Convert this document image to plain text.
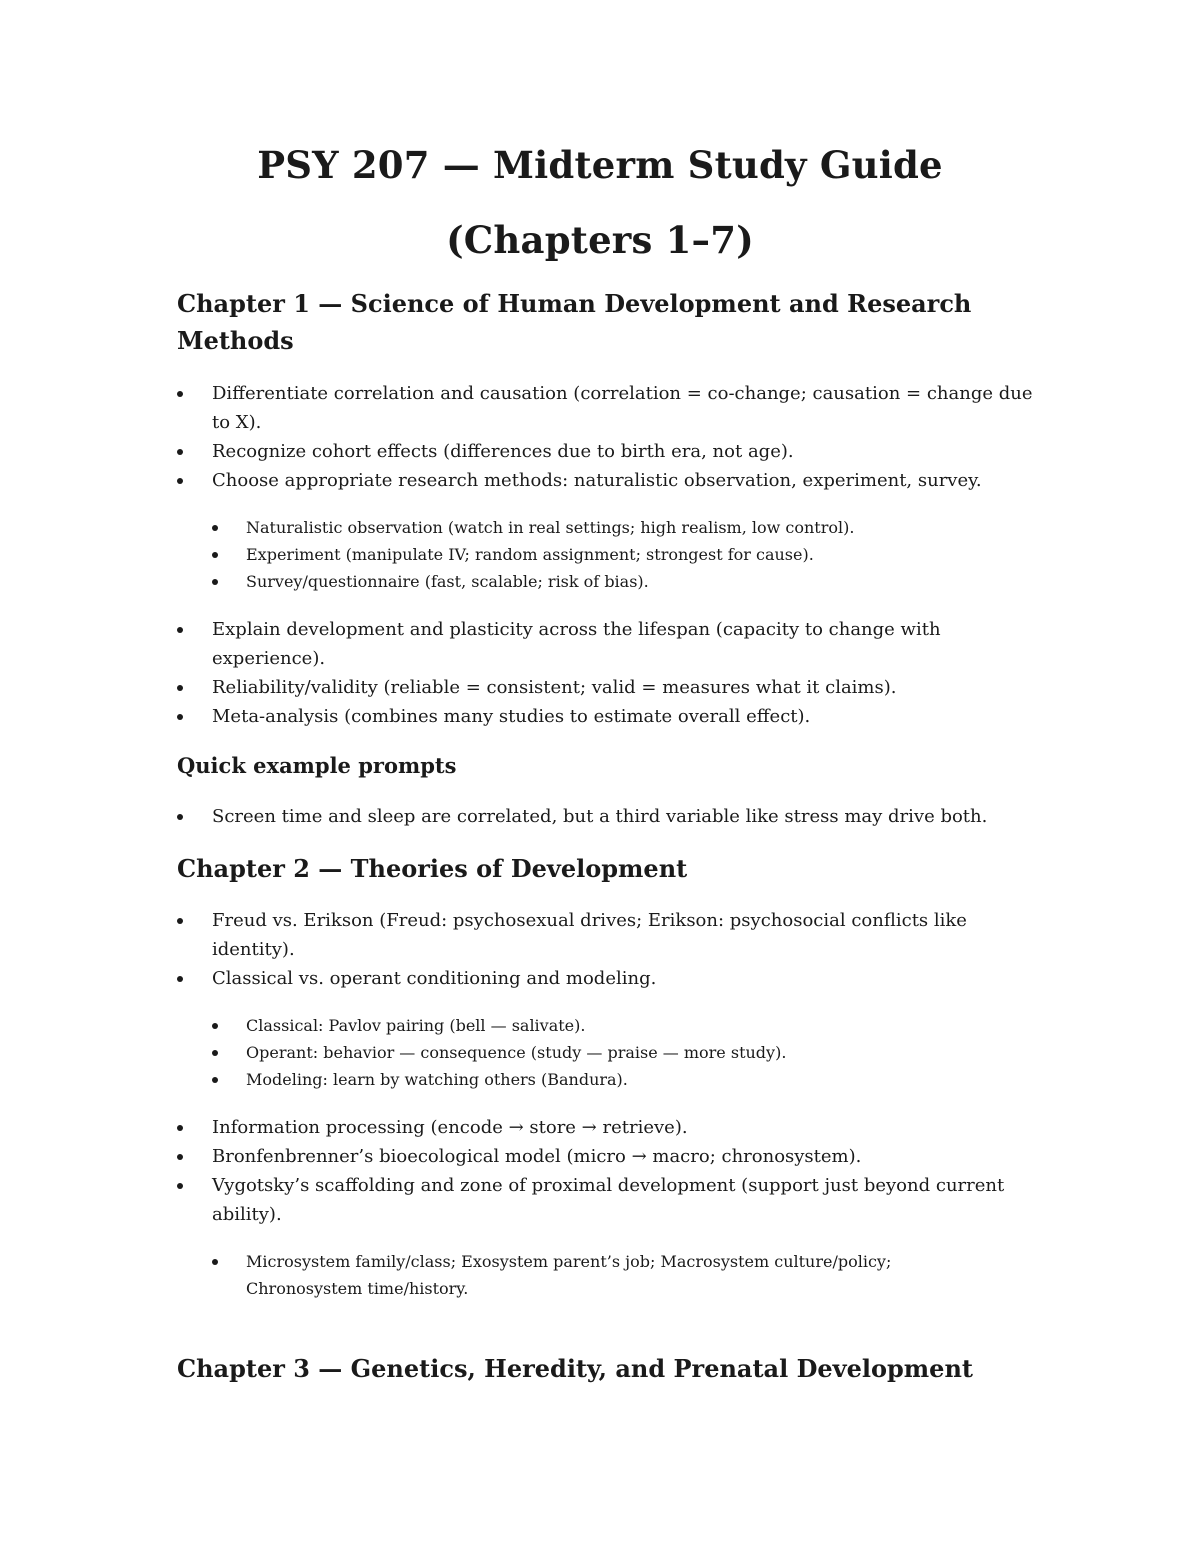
PSY 207 — Midterm Study Guide
(Chapters 1–7)
Chapter 1 — Science of Human Development and Research Methods
Differentiate correlation and causation (correlation = co-change; causation = change due to X).
Recognize cohort effects (differences due to birth era, not age).
Choose appropriate research methods: naturalistic observation, experiment, survey.
Naturalistic observation (watch in real settings; high realism, low control).
Experiment (manipulate IV; random assignment; strongest for cause).
Survey/questionnaire (fast, scalable; risk of bias).
Explain development and plasticity across the lifespan (capacity to change with experience).
Reliability/validity (reliable = consistent; valid = measures what it claims).
Meta-analysis (combines many studies to estimate overall effect).
Quick example prompts
Screen time and sleep are correlated, but a third variable like stress may drive both.
Chapter 2 — Theories of Development
Freud vs. Erikson (Freud: psychosexual drives; Erikson: psychosocial conflicts like identity).
Classical vs. operant conditioning and modeling.
Classical: Pavlov pairing (bell — salivate).
Operant: behavior — consequence (study — praise — more study).
Modeling: learn by watching others (Bandura).
Information processing (encode → store → retrieve).
Bronfenbrenner’s bioecological model (micro → macro; chronosystem).
Vygotsky’s scaffolding and zone of proximal development (support just beyond current ability).
Microsystem family/class; Exosystem parent’s job; Macrosystem culture/policy; Chronosystem time/history.
Chapter 3 — Genetics, Heredity, and Prenatal Development
